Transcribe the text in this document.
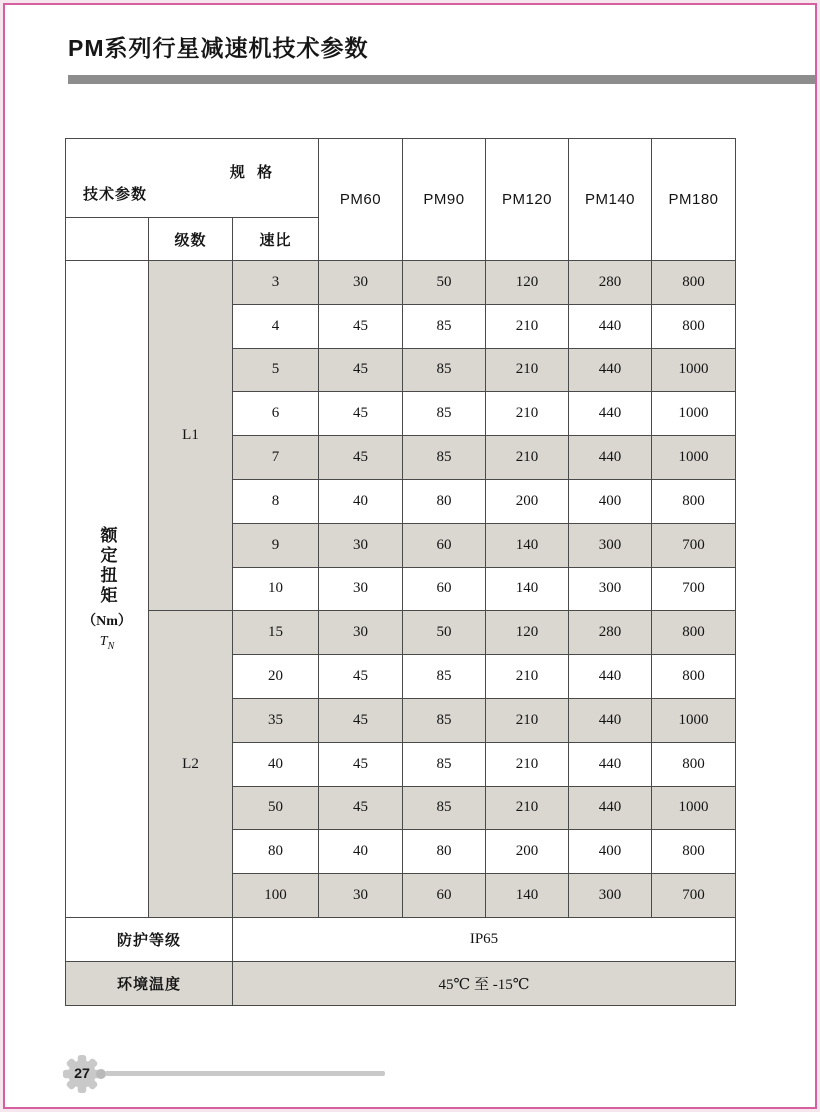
PM系列行星减速机技术参数
规 格
技术参数			PM60	PM90	PM120	PM140	PM180
	级数	速比					

额定扭矩
（Nm）
$T_N$	L1	3	30	50	120	280	800
		4	45	85	210	440	800
		5	45	85	210	440	1000
		6	45	85	210	440	1000
		7	45	85	210	440	1000
		8	40	80	200	400	800
		9	30	60	140	300	700
		10	30	60	140	300	700
	L2	15	30	50	120	280	800
		20	45	85	210	440	800
		35	45	85	210	440	1000
		40	45	85	210	440	800
		50	45	85	210	440	1000
		80	40	80	200	400	800
		100	30	60	140	300	700
防护等级		IP65					
环境温度		45℃ 至 -15℃					
27
